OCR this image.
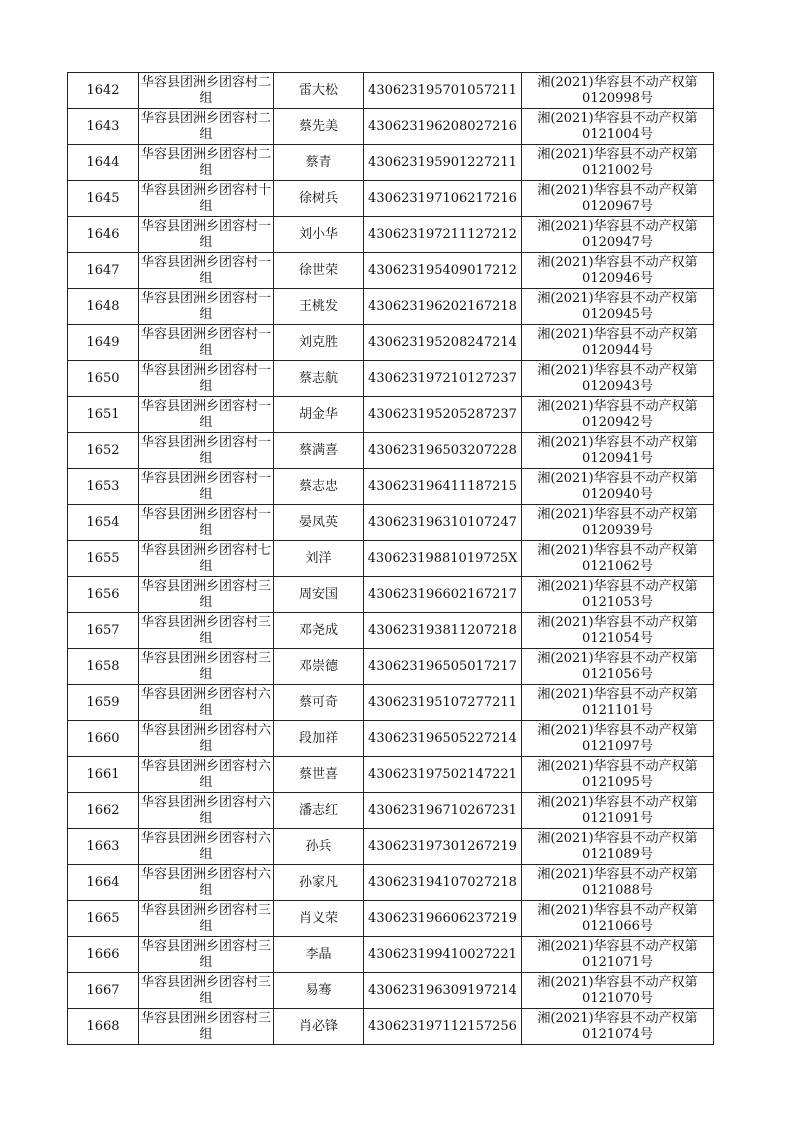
1642	华容县团洲乡团容村二组	雷大松	430623195701057211	湘(2021)华容县不动产权第0120998号

1643	华容县团洲乡团容村二组	蔡先美	430623196208027216	湘(2021)华容县不动产权第0121004号

1644	华容县团洲乡团容村二组	蔡青	430623195901227211	湘(2021)华容县不动产权第0121002号

1645	华容县团洲乡团容村十组	徐树兵	430623197106217216	湘(2021)华容县不动产权第0120967号

1646	华容县团洲乡团容村一组	刘小华	430623197211127212	湘(2021)华容县不动产权第0120947号

1647	华容县团洲乡团容村一组	徐世荣	430623195409017212	湘(2021)华容县不动产权第0120946号

1648	华容县团洲乡团容村一组	王桃发	430623196202167218	湘(2021)华容县不动产权第0120945号

1649	华容县团洲乡团容村一组	刘克胜	430623195208247214	湘(2021)华容县不动产权第0120944号

1650	华容县团洲乡团容村一组	蔡志航	430623197210127237	湘(2021)华容县不动产权第0120943号

1651	华容县团洲乡团容村一组	胡金华	430623195205287237	湘(2021)华容县不动产权第0120942号

1652	华容县团洲乡团容村一组	蔡满喜	430623196503207228	湘(2021)华容县不动产权第0120941号

1653	华容县团洲乡团容村一组	蔡志忠	430623196411187215	湘(2021)华容县不动产权第0120940号

1654	华容县团洲乡团容村一组	晏凤英	430623196310107247	湘(2021)华容县不动产权第0120939号

1655	华容县团洲乡团容村七组	刘洋	43062319881019725X	湘(2021)华容县不动产权第0121062号

1656	华容县团洲乡团容村三组	周安国	430623196602167217	湘(2021)华容县不动产权第0121053号

1657	华容县团洲乡团容村三组	邓尧成	430623193811207218	湘(2021)华容县不动产权第0121054号

1658	华容县团洲乡团容村三组	邓崇德	430623196505017217	湘(2021)华容县不动产权第0121056号

1659	华容县团洲乡团容村六组	蔡可奇	430623195107277211	湘(2021)华容县不动产权第0121101号

1660	华容县团洲乡团容村六组	段加祥	430623196505227214	湘(2021)华容县不动产权第0121097号

1661	华容县团洲乡团容村六组	蔡世喜	430623197502147221	湘(2021)华容县不动产权第0121095号

1662	华容县团洲乡团容村六组	潘志红	430623196710267231	湘(2021)华容县不动产权第0121091号

1663	华容县团洲乡团容村六组	孙兵	430623197301267219	湘(2021)华容县不动产权第0121089号

1664	华容县团洲乡团容村六组	孙家凡	430623194107027218	湘(2021)华容县不动产权第0121088号

1665	华容县团洲乡团容村三组	肖义荣	430623196606237219	湘(2021)华容县不动产权第0121066号

1666	华容县团洲乡团容村三组	李晶	430623199410027221	湘(2021)华容县不动产权第0121071号

1667	华容县团洲乡团容村三组	易骞	430623196309197214	湘(2021)华容县不动产权第0121070号

1668	华容县团洲乡团容村三组	肖必锋	430623197112157256	湘(2021)华容县不动产权第0121074号
